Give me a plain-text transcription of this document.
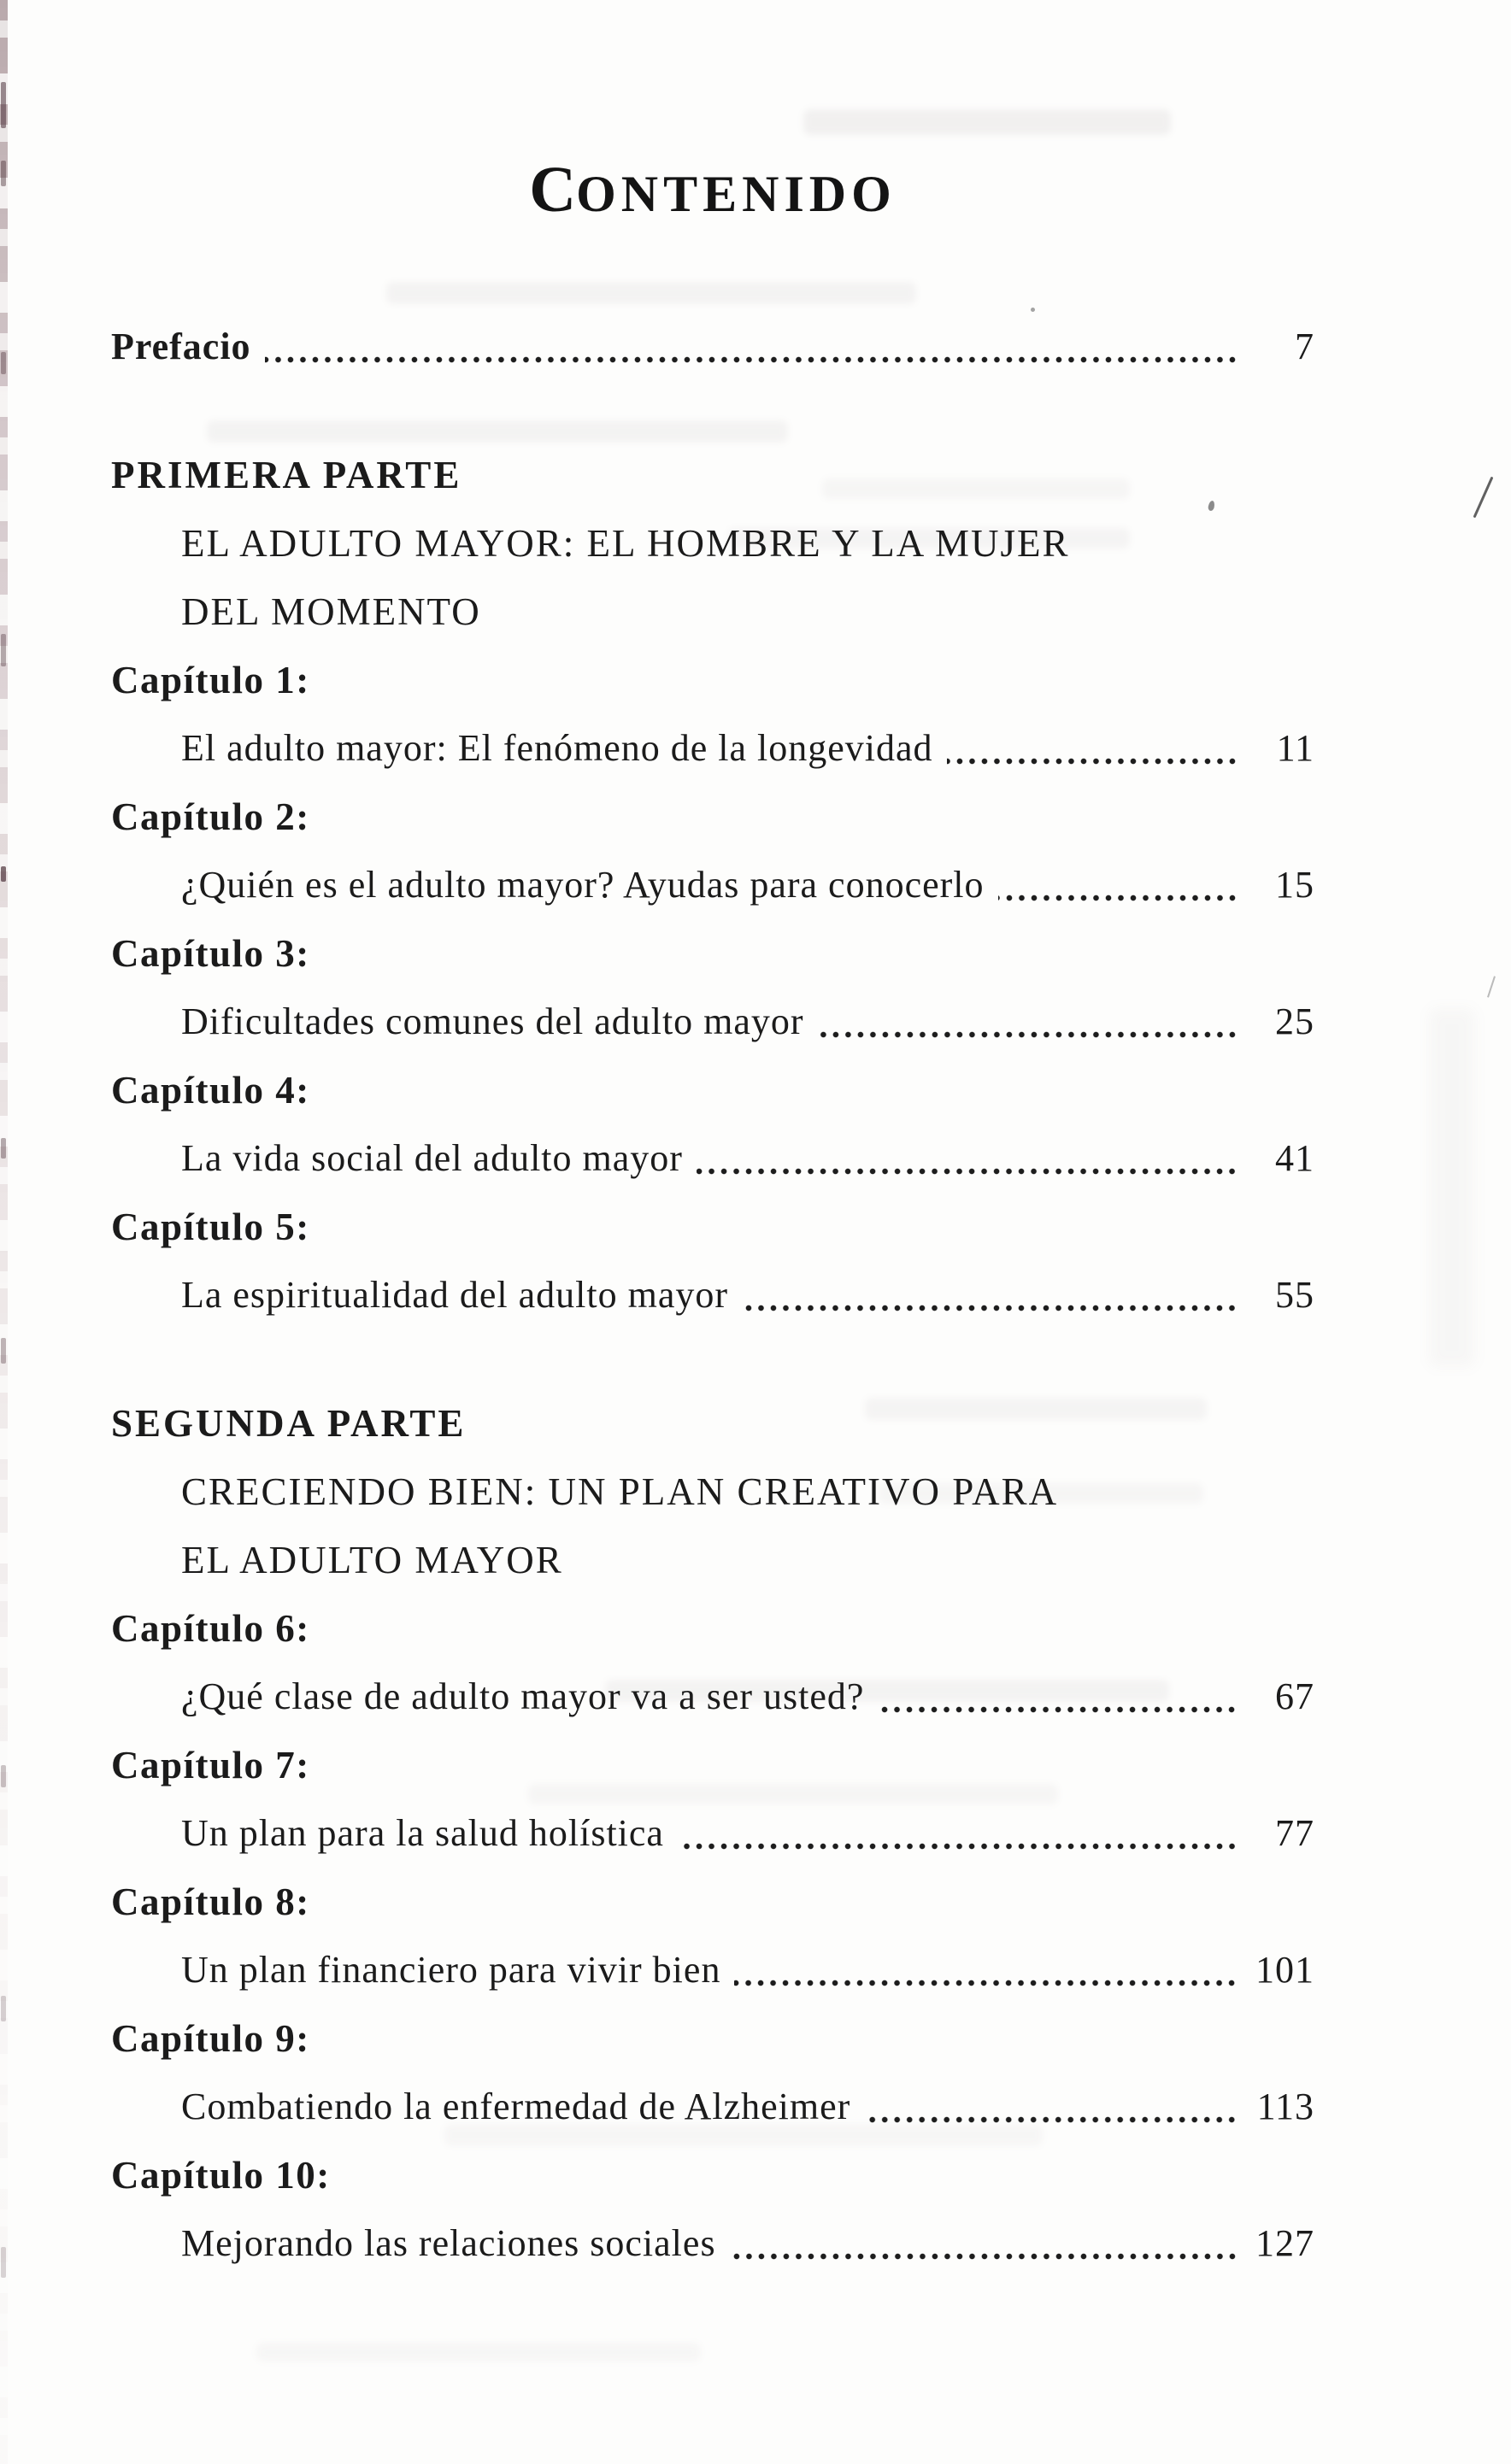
CONTENIDO
Prefacio	7
PRIMERA PARTE
EL ADULTO MAYOR: EL HOMBRE Y LA MUJER
DEL MOMENTO
Capítulo 1:
El adulto mayor: El fenómeno de la longevidad	11
Capítulo 2:
¿Quién es el adulto mayor? Ayudas para conocerlo	15
Capítulo 3:
Dificultades comunes del adulto mayor	25
Capítulo 4:
La vida social del adulto mayor	41
Capítulo 5:
La espiritualidad del adulto mayor	55
SEGUNDA PARTE
CRECIENDO BIEN: UN PLAN CREATIVO PARA
EL ADULTO MAYOR
Capítulo 6:
¿Qué clase de adulto mayor va a ser usted?	67
Capítulo 7:
Un plan para la salud holística	77
Capítulo 8:
Un plan financiero para vivir bien	101
Capítulo 9:
Combatiendo la enfermedad de Alzheimer	113
Capítulo 10:
Mejorando las relaciones sociales	127
